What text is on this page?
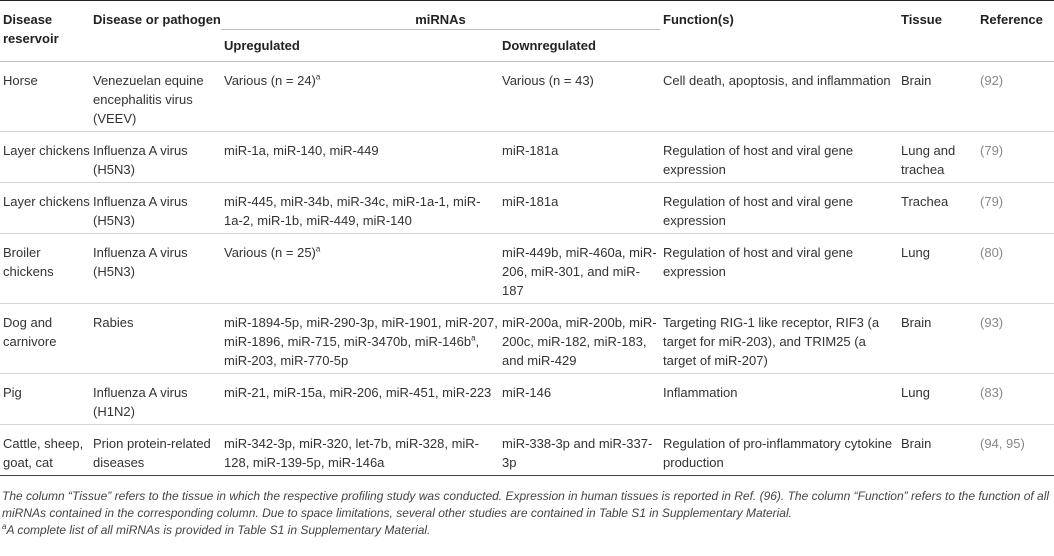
Disease reservoir	Disease or pathogen	miRNAs		Function(s)	Tissue	Reference
		Upregulated	Downregulated			

Horse	Venezuelan equine encephalitis virus (VEEV)	Various (n = 24)$^a$	Various (n = 43)	Cell death, apoptosis, and inflammation	Brain	(92)
Layer chickens	Influenza A virus (H5N3)	miR-1a, miR-140, miR-449	miR-181a	Regulation of host and viral gene expression	Lung and trachea	(79)
Layer chickens	Influenza A virus (H5N3)	miR-445, miR-34b, miR-34c, miR-1a-1, miR-1a-2, miR-1b, miR-449, miR-140	miR-181a	Regulation of host and viral gene expression	Trachea	(79)
Broiler chickens	Influenza A virus (H5N3)	Various (n = 25)$^a$	miR-449b, miR-460a, miR-206, miR-301, and miR-187	Regulation of host and viral gene expression	Lung	(80)
Dog and carnivore	Rabies	miR-1894-5p, miR-290-3p, miR-1901, miR-207, miR-1896, miR-715, miR-3470b, miR-$146b^a$, miR-203, miR-770-5p	miR-200a, miR-200b, miR-200c, miR-182, miR-183, and miR-429	Targeting RIG-1 like receptor, RIF3 (a target for miR-203), and TRIM25 (a target of miR-207)	Brain	(93)
Pig	Influenza A virus (H1N2)	miR-21, miR-15a, miR-206, miR-451, miR-223	miR-146	Inflammation	Lung	(83)
Cattle, sheep, goat, cat	Prion protein-related diseases	miR-342-3p, miR-320, let-7b, miR-328, miR-128, miR-139-5p, miR-146a	miR-338-3p and miR-337-3p	Regulation of pro-inflammatory cytokine production	Brain	(94, 95)
The column “Tissue” refers to the tissue in which the respective profiling study was conducted. Expression in human tissues is reported in Ref. (96). The column “Function” refers to the function of all miRNAs contained in the corresponding column. Due to space limitations, several other studies are contained in Table S1 in Supplementary Material.
$^a$A complete list of all miRNAs is provided in Table S1 in Supplementary Material.
